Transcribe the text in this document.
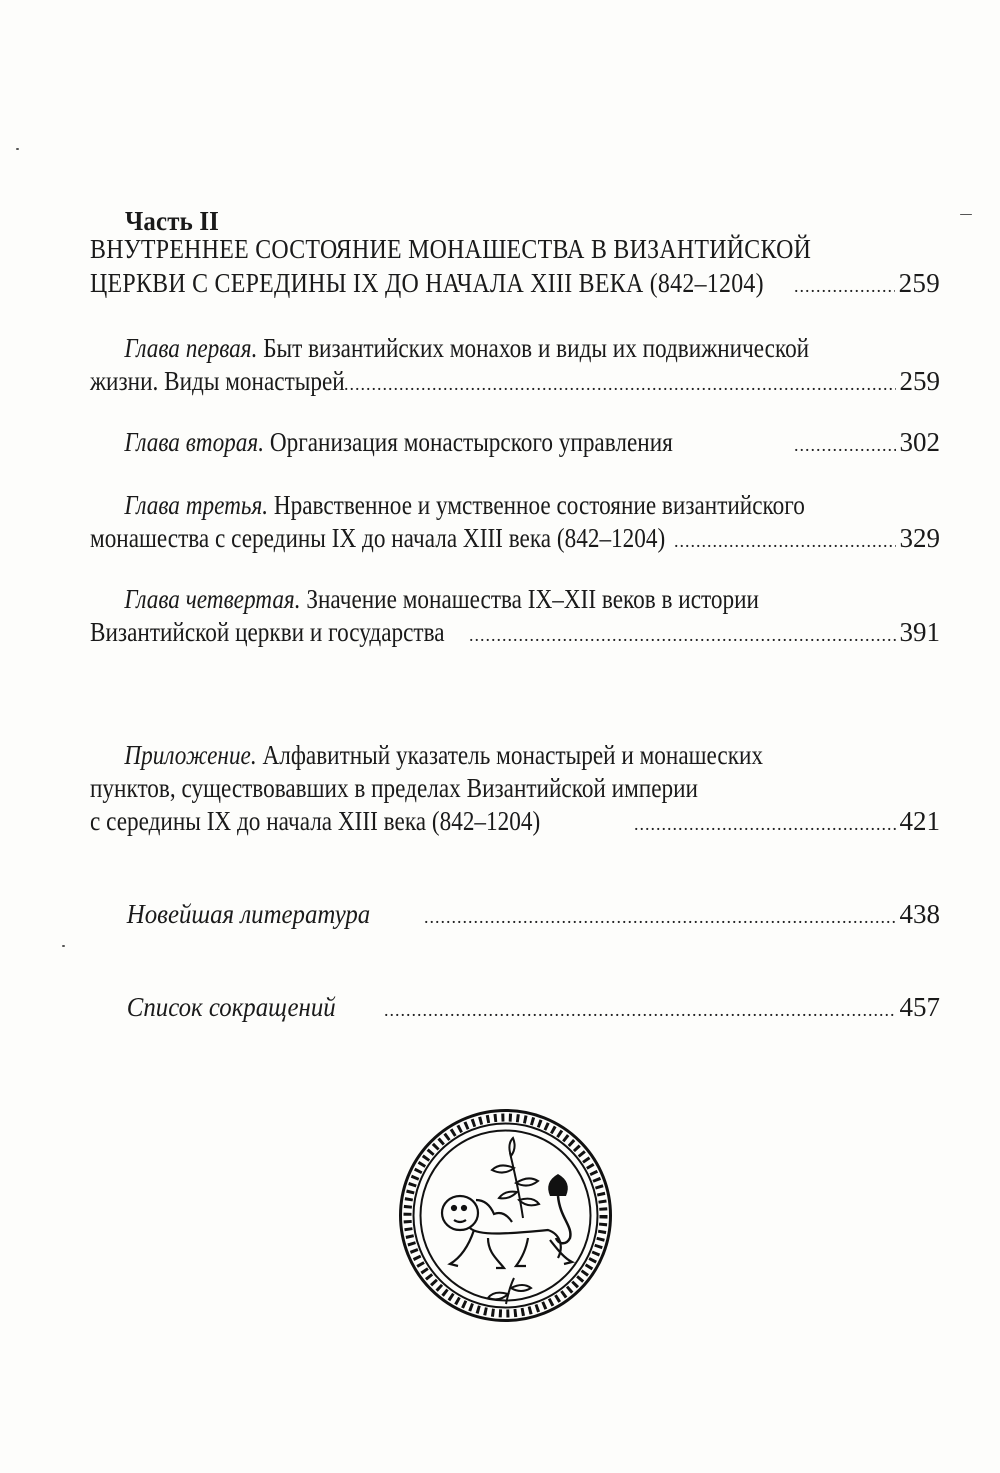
Часть II
ВНУТРЕННЕЕ СОСТОЯНИЕ МОНАШЕСТВА В ВИЗАНТИЙСКОЙ
ЦЕРКВИ С СЕРЕДИНЫ IX ДО НАЧАЛА XIII ВЕКА (842–1204) .....	259
Глава первая. Быт византийских монахов и виды их подвижнической
жизни. Виды монастырей .....	259
Глава вторая. Организация монастырского управления .....	302
Глава третья. Нравственное и умственное состояние византийского
монашества с середины IX до начала XIII века (842–1204) .....	329
Глава четвертая. Значение монашества IX–XII веков в истории
Византийской церкви и государства .....	391
Приложение. Алфавитный указатель монастырей и монашеских
пунктов, существовавших в пределах Византийской империи
с середины IX до начала XIII века (842–1204) .....	421
Новейшая литература .....	438
Список сокращений .....	457
